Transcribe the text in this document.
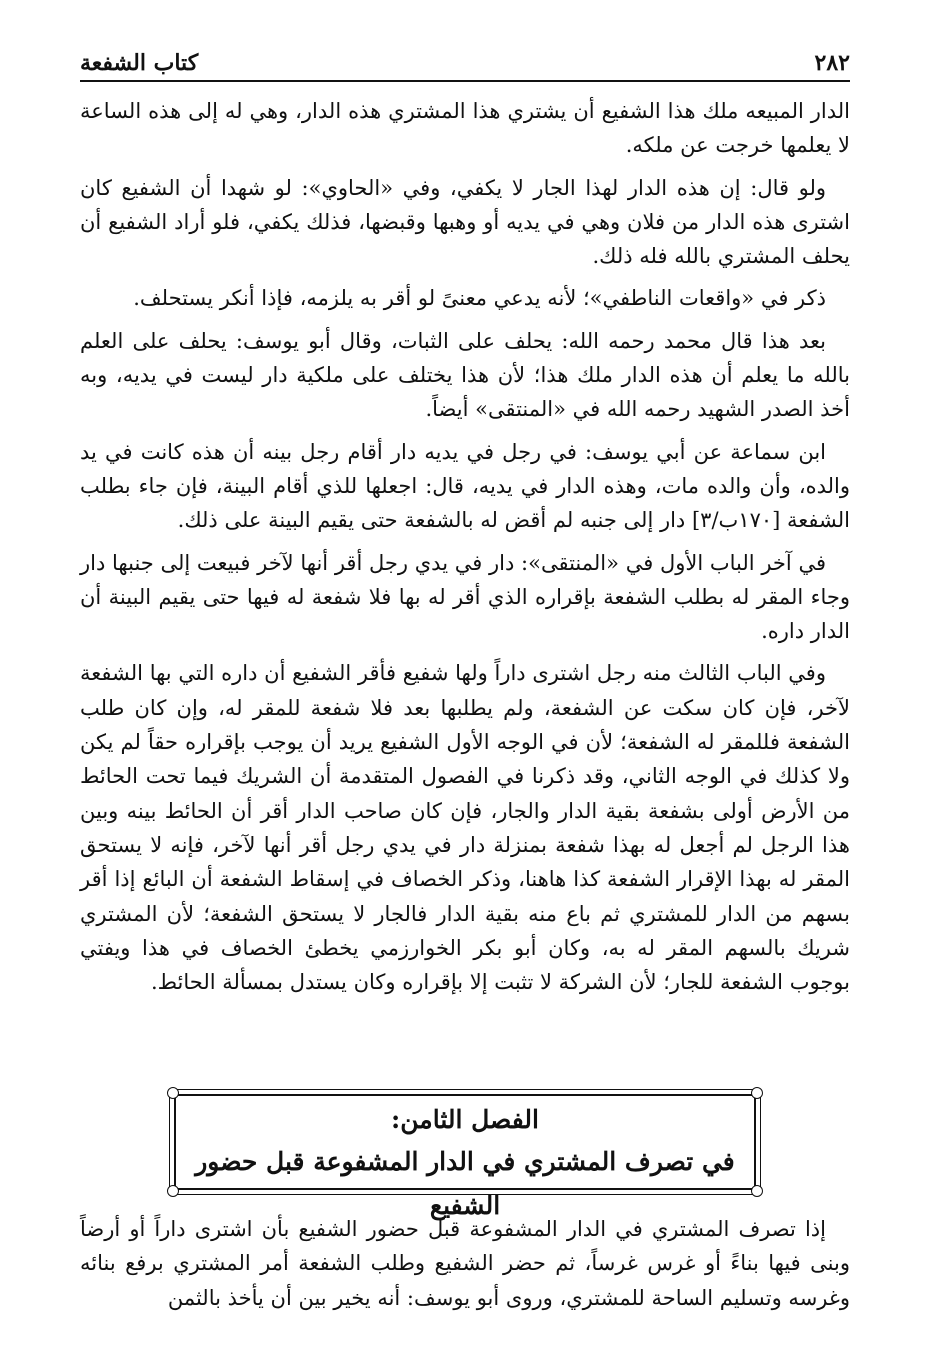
٢٨٢
كتاب الشفعة

الدار المبيعه ملك هذا الشفيع أن يشتري هذا المشتري هذه الدار، وهي له إلى هذه الساعة لا يعلمها خرجت عن ملكه.

ولو قال: إن هذه الدار لهذا الجار لا يكفي، وفي «الحاوي»: لو شهدا أن الشفيع كان اشترى هذه الدار من فلان وهي في يديه أو وهبها وقبضها، فذلك يكفي، فلو أراد الشفيع أن يحلف المشتري بالله فله ذلك.

ذكر في «واقعات الناطفي»؛ لأنه يدعي معنىً لو أقر به يلزمه، فإذا أنكر يستحلف.

بعد هذا قال محمد رحمه الله: يحلف على الثبات، وقال أبو يوسف: يحلف على العلم بالله ما يعلم أن هذه الدار ملك هذا؛ لأن هذا يختلف على ملكية دار ليست في يديه، وبه أخذ الصدر الشهيد رحمه الله في «المنتقى» أيضاً.

ابن سماعة عن أبي يوسف: في رجل في يديه دار أقام رجل بينه أن هذه كانت في يد والده، وأن والده مات، وهذه الدار في يديه، قال: اجعلها للذي أقام البينة، فإن جاء بطلب الشفعة [١٧٠ب/٣] دار إلى جنبه لم أقض له بالشفعة حتى يقيم البينة على ذلك.

في آخر الباب الأول في «المنتقى»: دار في يدي رجل أقر أنها لآخر فبيعت إلى جنبها دار وجاء المقر له بطلب الشفعة بإقراره الذي أقر له بها فلا شفعة له فيها حتى يقيم البينة أن الدار داره.

وفي الباب الثالث منه رجل اشترى داراً ولها شفيع فأقر الشفيع أن داره التي بها الشفعة لآخر، فإن كان سكت عن الشفعة، ولم يطلبها بعد فلا شفعة للمقر له، وإن كان طلب الشفعة فللمقر له الشفعة؛ لأن في الوجه الأول الشفيع يريد أن يوجب بإقراره حقاً لم يكن ولا كذلك في الوجه الثاني، وقد ذكرنا في الفصول المتقدمة أن الشريك فيما تحت الحائط من الأرض أولى بشفعة بقية الدار والجار، فإن كان صاحب الدار أقر أن الحائط بينه وبين هذا الرجل لم أجعل له بهذا شفعة بمنزلة دار في يدي رجل أقر أنها لآخر، فإنه لا يستحق المقر له بهذا الإقرار الشفعة كذا هاهنا، وذكر الخصاف في إسقاط الشفعة أن البائع إذا أقر بسهم من الدار للمشتري ثم باع منه بقية الدار فالجار لا يستحق الشفعة؛ لأن المشتري شريك بالسهم المقر له به، وكان أبو بكر الخوارزمي يخطئ الخصاف في هذا ويفتي بوجوب الشفعة للجار؛ لأن الشركة لا تثبت إلا بإقراره وكان يستدل بمسألة الحائط.

الفصل الثامن:
في تصرف المشتري في الدار المشفوعة قبل حضور الشفيع

إذا تصرف المشتري في الدار المشفوعة قبل حضور الشفيع بأن اشترى داراً أو أرضاً وبنى فيها بناءً أو غرس غرساً، ثم حضر الشفيع وطلب الشفعة أمر المشتري برفع بنائه وغرسه وتسليم الساحة للمشتري، وروى أبو يوسف: أنه يخير بين أن يأخذ بالثمن
